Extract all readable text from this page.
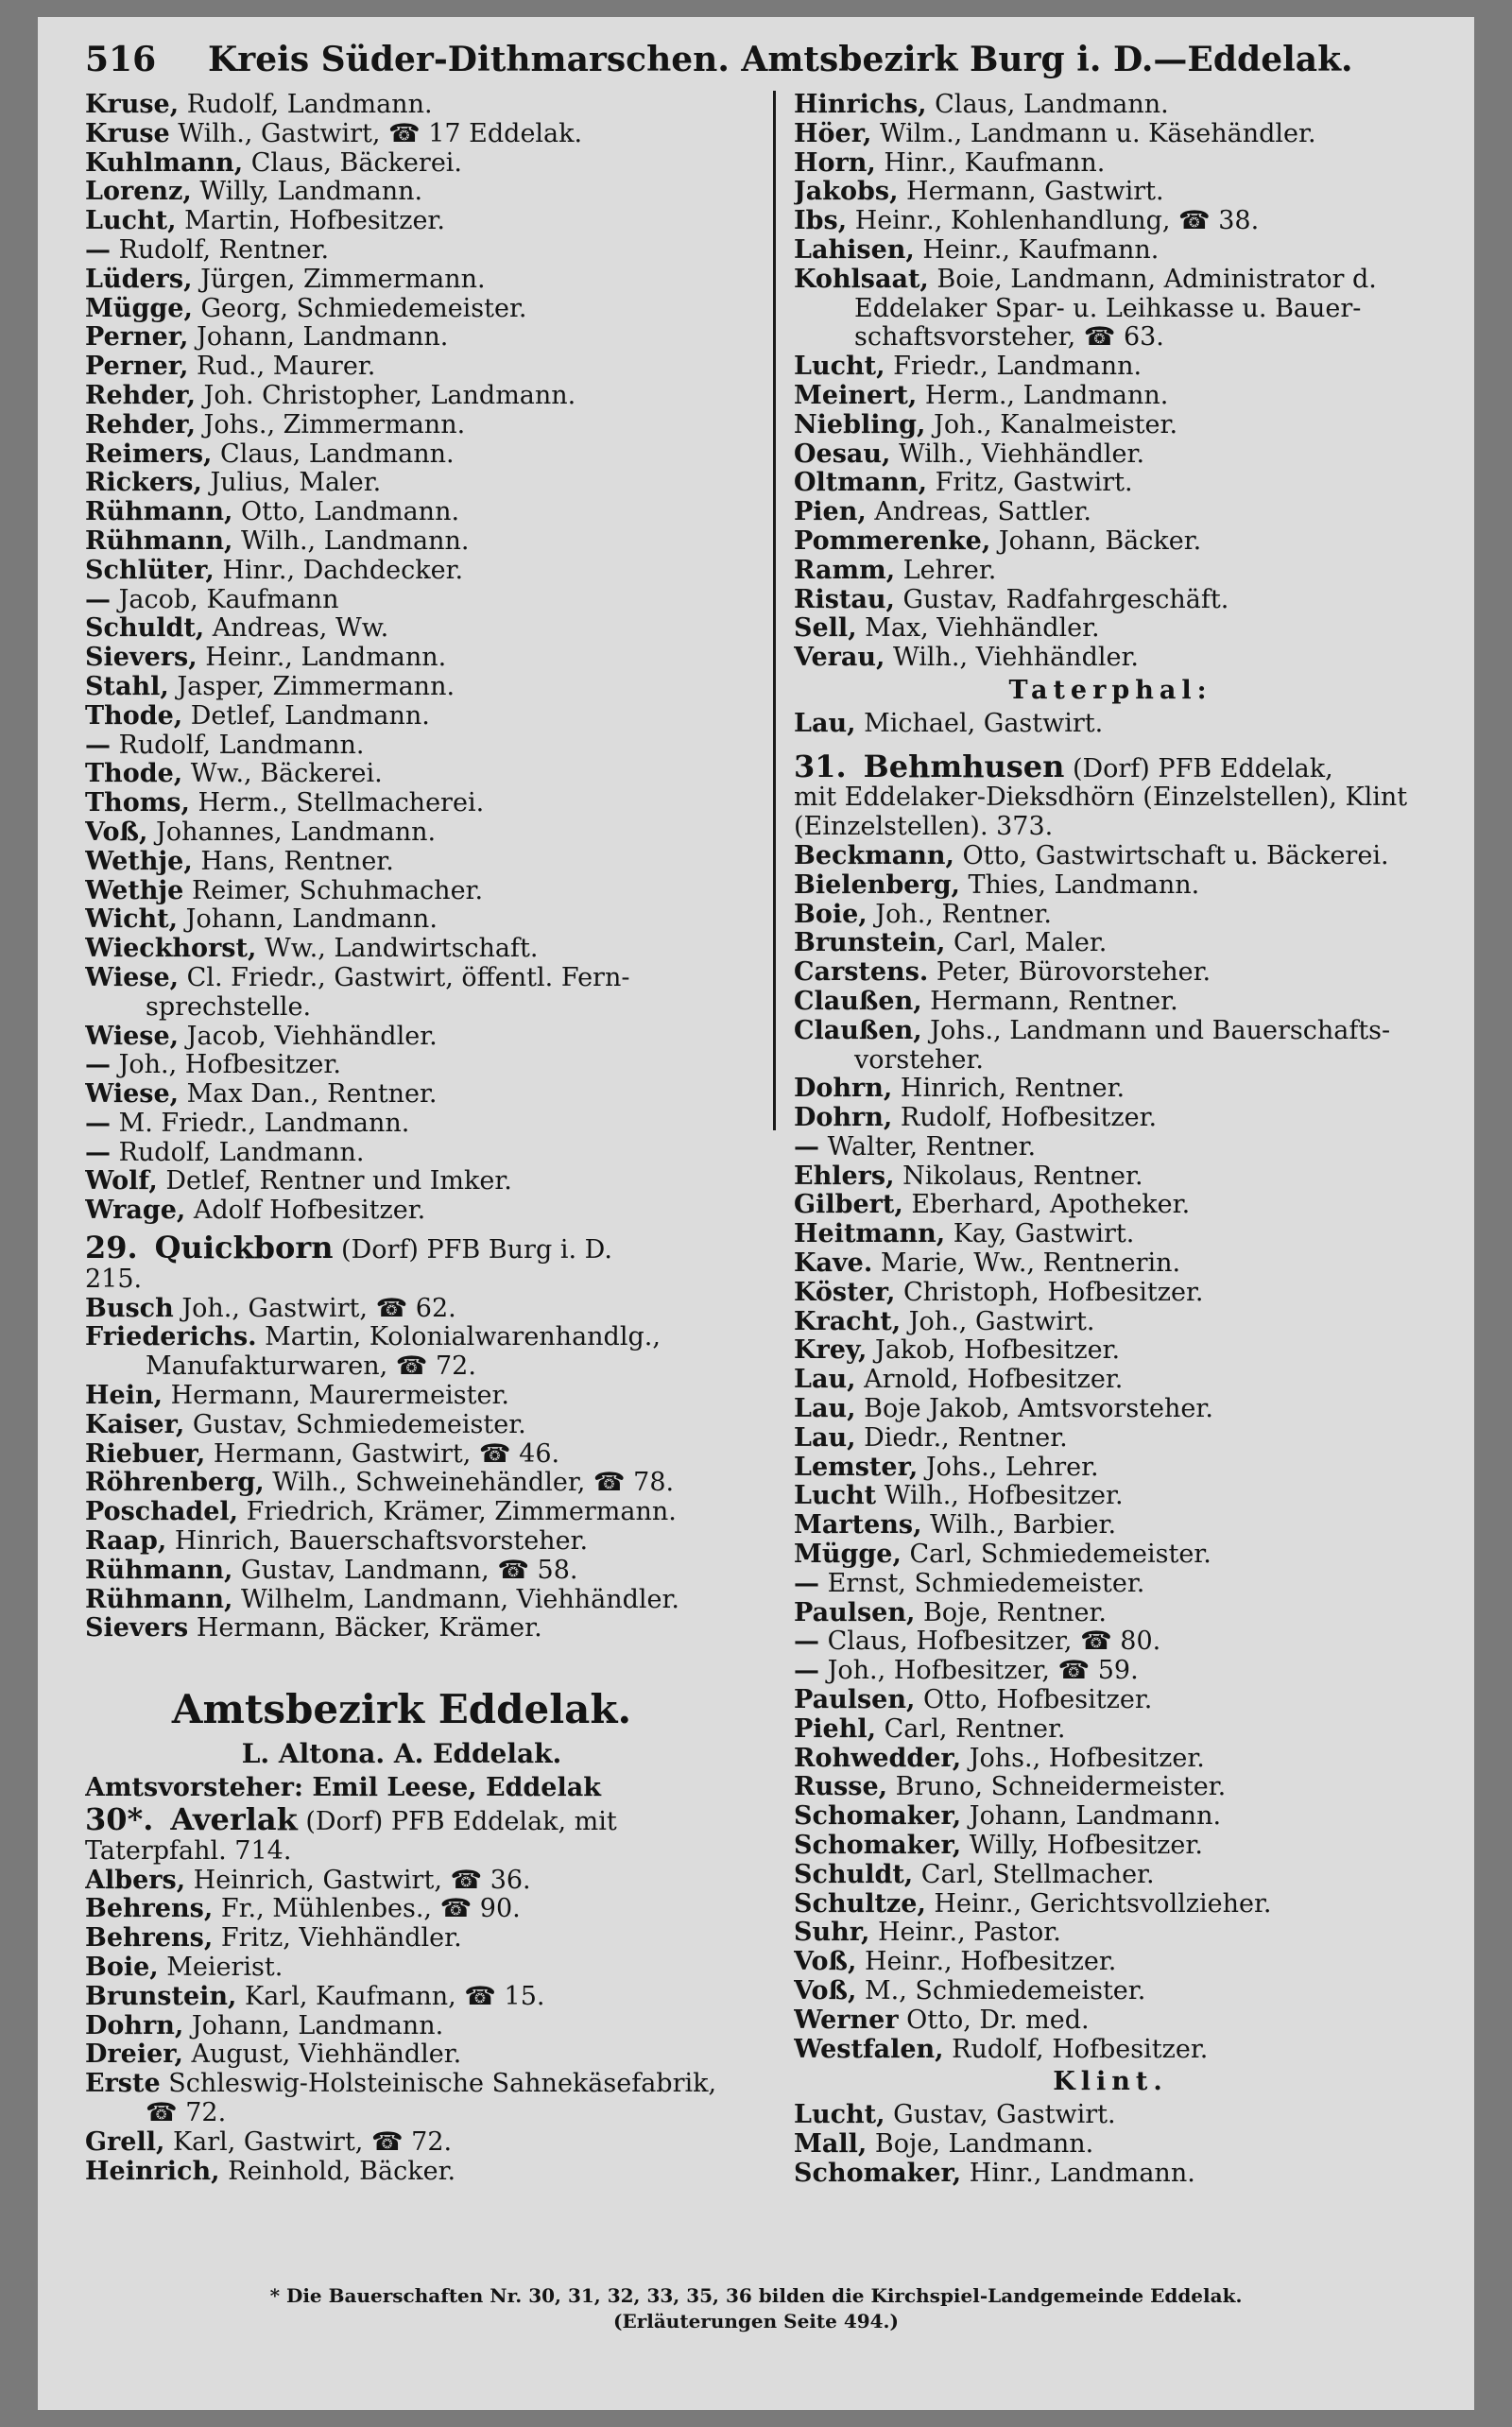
516	Kreis Süder-Dithmarschen. Amtsbezirk Burg i. D.—Eddelak.
Kruse, Rudolf, Landmann.
Kruse Wilh., Gastwirt, ☎ 17 Eddelak.
Kuhlmann, Claus, Bäckerei.
Lorenz, Willy, Landmann.
Lucht, Martin, Hofbesitzer.
— Rudolf, Rentner.
Lüders, Jürgen, Zimmermann.
Mügge, Georg, Schmiedemeister.
Perner, Johann, Landmann.
Perner, Rud., Maurer.
Rehder, Joh. Christopher, Landmann.
Rehder, Johs., Zimmermann.
Reimers, Claus, Landmann.
Rickers, Julius, Maler.
Rühmann, Otto, Landmann.
Rühmann, Wilh., Landmann.
Schlüter, Hinr., Dachdecker.
— Jacob, Kaufmann
Schuldt, Andreas, Ww.
Sievers, Heinr., Landmann.
Stahl, Jasper, Zimmermann.
Thode, Detlef, Landmann.
— Rudolf, Landmann.
Thode, Ww., Bäckerei.
Thoms, Herm., Stellmacherei.
Voß, Johannes, Landmann.
Wethje, Hans, Rentner.
Wethje Reimer, Schuhmacher.
Wicht, Johann, Landmann.
Wieckhorst, Ww., Landwirtschaft.
Wiese, Cl. Friedr., Gastwirt, öffentl. Fern-
sprechstelle.
Wiese, Jacob, Viehhändler.
— Joh., Hofbesitzer.
Wiese, Max Dan., Rentner.
— M. Friedr., Landmann.
— Rudolf, Landmann.
Wolf, Detlef, Rentner und Imker.
Wrage, Adolf Hofbesitzer.
29. Quickborn (Dorf) PFB Burg i. D.
215.
Busch Joh., Gastwirt, ☎ 62.
Friederichs. Martin, Kolonialwarenhandlg.,
Manufakturwaren, ☎ 72.
Hein, Hermann, Maurermeister.
Kaiser, Gustav, Schmiedemeister.
Riebuer, Hermann, Gastwirt, ☎ 46.
Röhrenberg, Wilh., Schweinehändler, ☎ 78.
Poschadel, Friedrich, Krämer, Zimmermann.
Raap, Hinrich, Bauerschaftsvorsteher.
Rühmann, Gustav, Landmann, ☎ 58.
Rühmann, Wilhelm, Landmann, Viehhändler.
Sievers Hermann, Bäcker, Krämer.
Amtsbezirk Eddelak.
L. Altona. A. Eddelak.
Amtsvorsteher: Emil Leese, Eddelak
30*. Averlak (Dorf) PFB Eddelak, mit
Taterpfahl. 714.
Albers, Heinrich, Gastwirt, ☎ 36.
Behrens, Fr., Mühlenbes., ☎ 90.
Behrens, Fritz, Viehhändler.
Boie, Meierist.
Brunstein, Karl, Kaufmann, ☎ 15.
Dohrn, Johann, Landmann.
Dreier, August, Viehhändler.
Erste Schleswig-Holsteinische Sahnekäsefabrik,
☎ 72.
Grell, Karl, Gastwirt, ☎ 72.
Heinrich, Reinhold, Bäcker.
Hinrichs, Claus, Landmann.
Höer, Wilm., Landmann u. Käsehändler.
Horn, Hinr., Kaufmann.
Jakobs, Hermann, Gastwirt.
Ibs, Heinr., Kohlenhandlung, ☎ 38.
Lahisen, Heinr., Kaufmann.
Kohlsaat, Boie, Landmann, Administrator d.
Eddelaker Spar- u. Leihkasse u. Bauer-
schaftsvorsteher, ☎ 63.
Lucht, Friedr., Landmann.
Meinert, Herm., Landmann.
Niebling, Joh., Kanalmeister.
Oesau, Wilh., Viehhändler.
Oltmann, Fritz, Gastwirt.
Pien, Andreas, Sattler.
Pommerenke, Johann, Bäcker.
Ramm, Lehrer.
Ristau, Gustav, Radfahrgeschäft.
Sell, Max, Viehhändler.
Verau, Wilh., Viehhändler.
Taterphal:
Lau, Michael, Gastwirt.
31. Behmhusen (Dorf) PFB Eddelak,
mit Eddelaker-Dieksdhörn (Einzelstellen), Klint
(Einzelstellen). 373.
Beckmann, Otto, Gastwirtschaft u. Bäckerei.
Bielenberg, Thies, Landmann.
Boie, Joh., Rentner.
Brunstein, Carl, Maler.
Carstens. Peter, Bürovorsteher.
Claußen, Hermann, Rentner.
Claußen, Johs., Landmann und Bauerschafts-
vorsteher.
Dohrn, Hinrich, Rentner.
Dohrn, Rudolf, Hofbesitzer.
— Walter, Rentner.
Ehlers, Nikolaus, Rentner.
Gilbert, Eberhard, Apotheker.
Heitmann, Kay, Gastwirt.
Kave. Marie, Ww., Rentnerin.
Köster, Christoph, Hofbesitzer.
Kracht, Joh., Gastwirt.
Krey, Jakob, Hofbesitzer.
Lau, Arnold, Hofbesitzer.
Lau, Boje Jakob, Amtsvorsteher.
Lau, Diedr., Rentner.
Lemster, Johs., Lehrer.
Lucht Wilh., Hofbesitzer.
Martens, Wilh., Barbier.
Mügge, Carl, Schmiedemeister.
— Ernst, Schmiedemeister.
Paulsen, Boje, Rentner.
— Claus, Hofbesitzer, ☎ 80.
— Joh., Hofbesitzer, ☎ 59.
Paulsen, Otto, Hofbesitzer.
Piehl, Carl, Rentner.
Rohwedder, Johs., Hofbesitzer.
Russe, Bruno, Schneidermeister.
Schomaker, Johann, Landmann.
Schomaker, Willy, Hofbesitzer.
Schuldt, Carl, Stellmacher.
Schultze, Heinr., Gerichtsvollzieher.
Suhr, Heinr., Pastor.
Voß, Heinr., Hofbesitzer.
Voß, M., Schmiedemeister.
Werner Otto, Dr. med.
Westfalen, Rudolf, Hofbesitzer.
Klint.
Lucht, Gustav, Gastwirt.
Mall, Boje, Landmann.
Schomaker, Hinr., Landmann.
* Die Bauerschaften Nr. 30, 31, 32, 33, 35, 36 bilden die Kirchspiel-Landgemeinde Eddelak.
(Erläuterungen Seite 494.)
